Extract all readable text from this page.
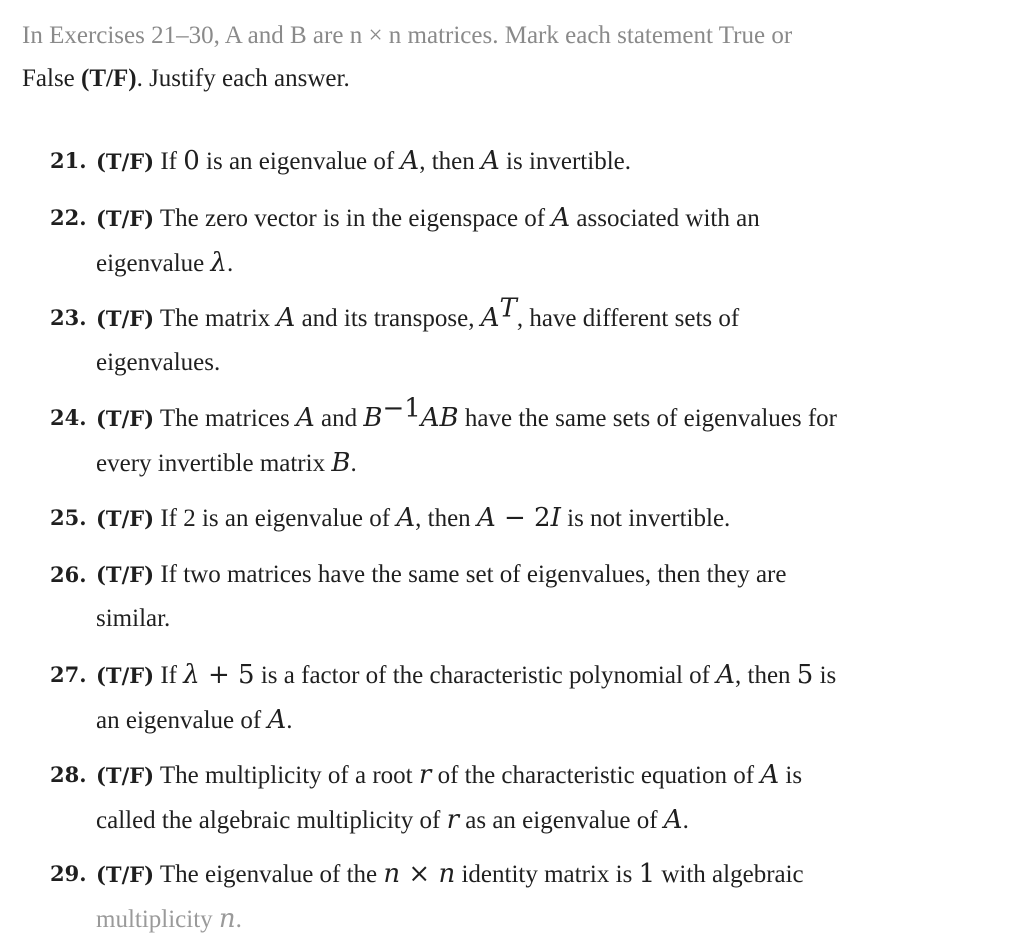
In Exercises 21–30, A and B are n × n matrices. Mark each statement True or
False (T/F). Justify each answer.
21. (T/F) If 0 is an eigenvalue of A, then A is invertible.
22. (T/F) The zero vector is in the eigenspace of A associated with an
eigenvalue λ.
23. (T/F) The matrix A and its transpose, $A^T$, have different sets of
eigenvalues.
24. (T/F) The matrices A and $B^{-1}AB$ have the same sets of eigenvalues for
every invertible matrix B.
25. (T/F) If 2 is an eigenvalue of A, then A − 2I is not invertible.
26. (T/F) If two matrices have the same set of eigenvalues, then they are
similar.
27. (T/F) If λ + 5 is a factor of the characteristic polynomial of A, then 5 is
an eigenvalue of A.
28. (T/F) The multiplicity of a root r of the characteristic equation of A is
called the algebraic multiplicity of r as an eigenvalue of A.
29. (T/F) The eigenvalue of the n × n identity matrix is 1 with algebraic
multiplicity n.
